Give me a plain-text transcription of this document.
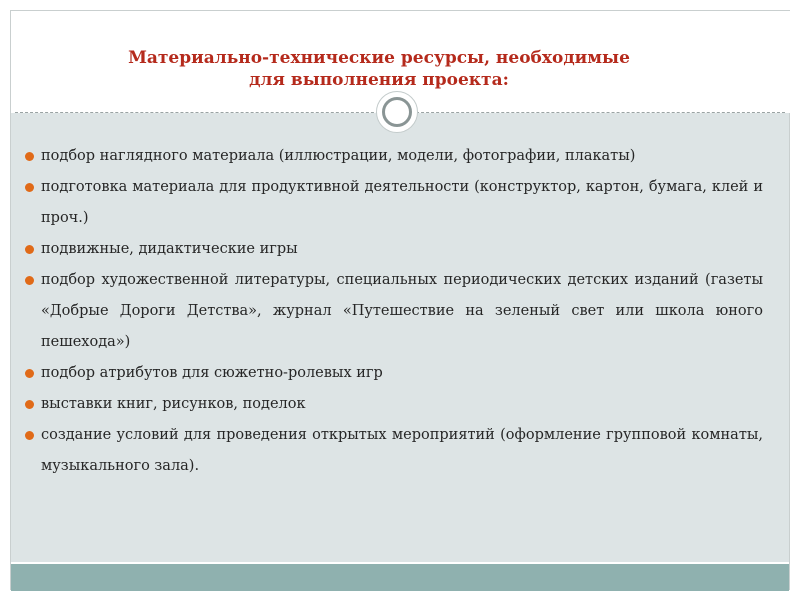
Материально-технические ресурсы, необходимые
для выполнения проекта:
подбор наглядного материала (иллюстрации, модели, фотографии, плакаты)
подготовка материала для продуктивной деятельности (конструктор, картон, бумага, клей и проч.)
подвижные, дидактические игры
подбор художественной литературы, специальных периодических детских изданий (газеты «Добрые Дороги Детства», журнал «Путешествие на зеленый свет или школа юного пешехода»)
подбор атрибутов для сюжетно-ролевых игр
выставки книг, рисунков, поделок
создание условий для проведения открытых мероприятий (оформление групповой комнаты, музыкального зала).
